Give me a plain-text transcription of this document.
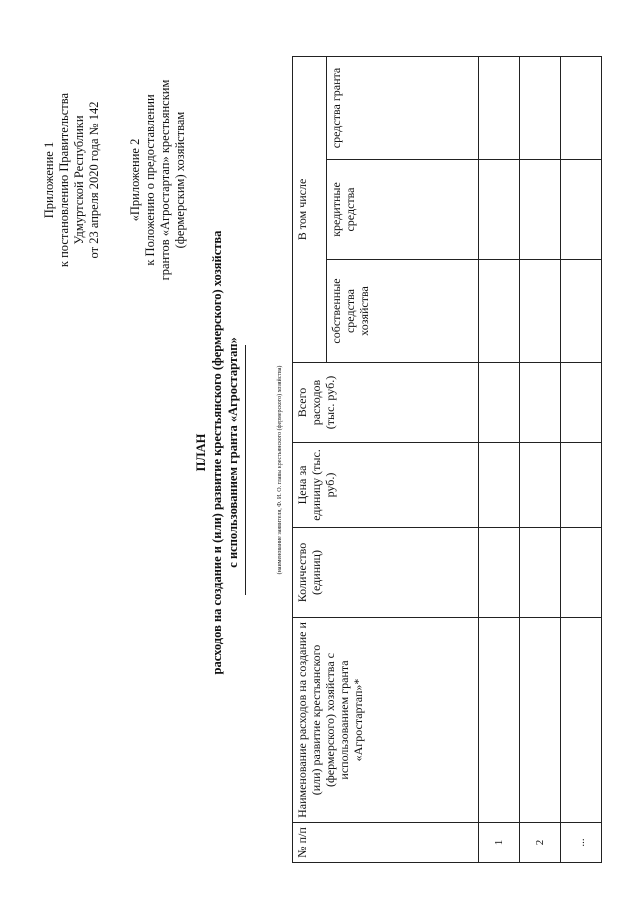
Приложение 1 к постановлению Правительства Удмуртской Республики от 23 апреля 2020 года № 142 «Приложение 2 к Положению о предоставлении грантов «Агростартап» крестьянским (фермерским) хозяйствам
ПЛАН расходов на создание и (или) развитие крестьянского (фермерского) хозяйства с использованием гранта «Агростартап»	(наименование заявителя, Ф. И. О. главы крестьянского (фермерского) хозяйства)
№ п/п	Наименование расходов на создание и (или) развитие крестьянского (фермерского) хозяйства с использованием гранта «Агростартап»*	Количество (единиц)	Цена за единицу (тыс. руб.)	Всего расходов (тыс. руб.)	В том числе		
					собственные средства хозяйства	кредитные средства	средства гранта
1							
2							
...							
